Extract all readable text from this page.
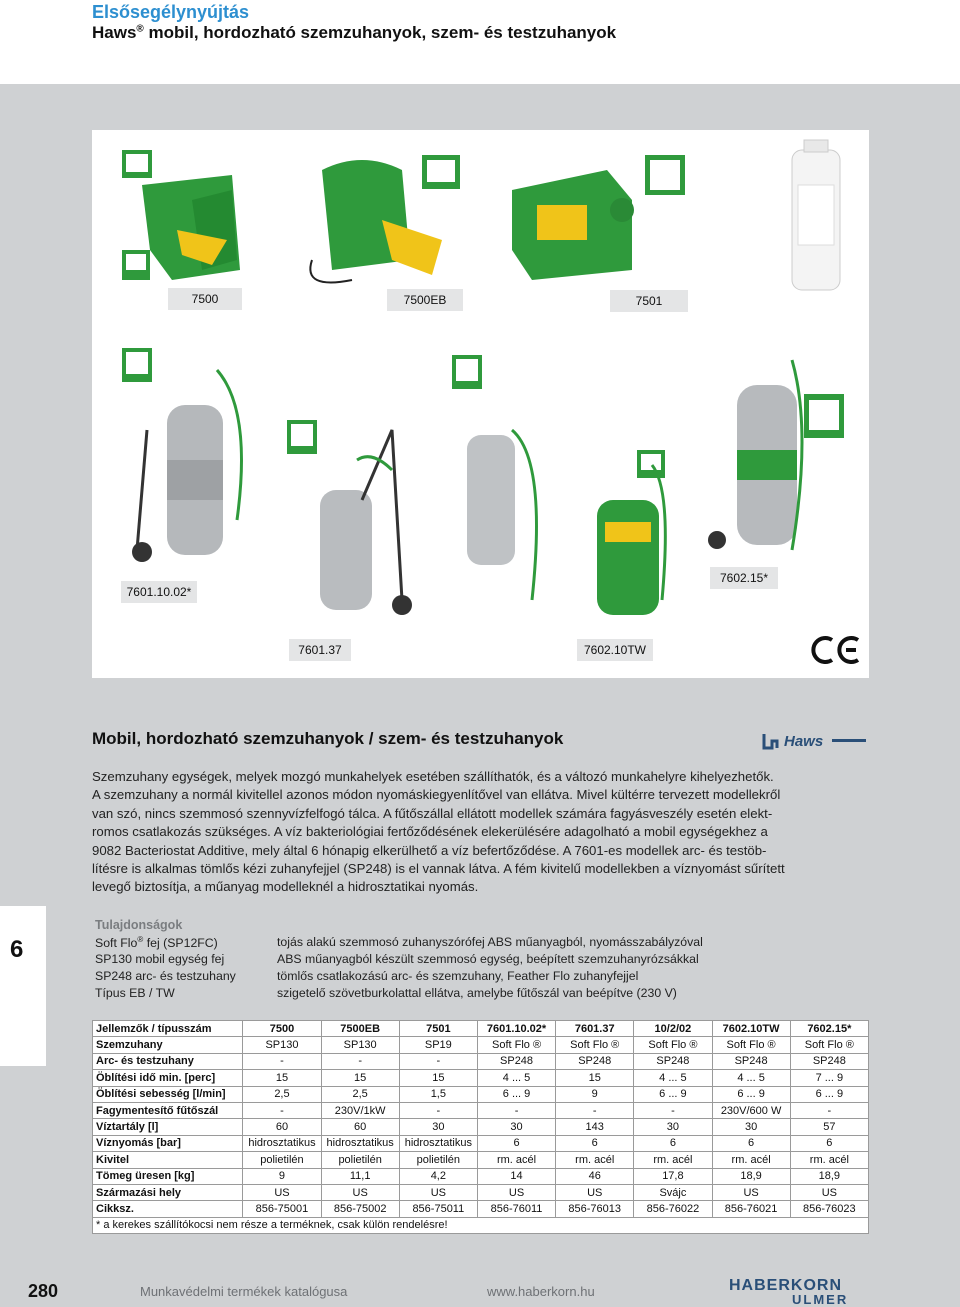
Elsősegélynyújtás
Haws® mobil, hordozható szemzuhanyok, szem- és testzuhanyok
7500	7500EB	7501
7601.10.02*
7602.15*
7601.37	7602.10TW
Mobil, hordozható szemzuhanyok / szem- és testzuhanyok	Haws

Szemzuhany egységek, melyek mozgó munkahelyek esetében szállíthatók, és a változó munkahelyre kihelyezhetők.

A szemzuhany a normál kivitellel azonos módon nyomáskiegyenlítővel van ellátva. Mivel kültérre tervezett modellekről

van szó, nincs szemmosó szennyvízfelfogó tálca. A fűtőszállal ellátott modellek számára fagyásveszély esetén elekt-

romos csatlakozás szükséges. A víz bakteriológiai fertőződésének elekerülésére adagolható a mobil egységekhez a

9082 Bacteriostat Additive, mely által 6 hónapig elkerülhető a víz befertőződése. A 7601-es modellek arc- és testöb-

lítésre is alkalmas tömlős kézi zuhanyfejjel (SP248) is el vannak látva. A fém kivitelű modellekben a víznyomást sűrített

levegő biztosítja, a műanyag modelleknél a hidrosztatikai nyomás.

6
Tulajdonságok
Soft Flo® fej (SP12FC)	tojás alakú szemmosó zuhanyszórófej ABS műanyagból, nyomásszabályzóval
SP130 mobil egység fej	ABS műanyagból készült szemmosó egység, beépített szemzuhanyrózsákkal
SP248 arc- és testzuhany	tömlős csatlakozású arc- és szemzuhany, Feather Flo zuhanyfejjel
Típus EB / TW	szigetelő szövetburkolattal ellátva, amelybe fűtőszál van beépítve (230 V)
Jellemzők / típusszám	7500	7500EB	7501	7601.10.02*	7601.37	10/2/02	7602.10TW	7602.15*
Szemzuhany	SP130	SP130	SP19	Soft Flo ®	Soft Flo ®	Soft Flo ®	Soft Flo ®	Soft Flo ®
Arc- és testzuhany	-	-	-	SP248	SP248	SP248	SP248	SP248
Öblítési idő min. [perc]	15	15	15	4 ... 5	15	4 ... 5	4 ... 5	7 ... 9
Öblítési sebesség [l/min]	2,5	2,5	1,5	6 ... 9	9	6 ... 9	6 ... 9	6 ... 9
Fagymentesítő fűtőszál	-	230V/1kW	-	-	-	-	230V/600 W	-
Víztartály [l]	60	60	30	30	143	30	30	57
Víznyomás [bar]	hidrosztatikus	hidrosztatikus	hidrosztatikus	6	6	6	6	6
Kivitel	polietilén	polietilén	polietilén	rm. acél	rm. acél	rm. acél	rm. acél	rm. acél
Tömeg üresen [kg]	9	11,1	4,2	14	46	17,8	18,9	18,9
Származási hely	US	US	US	US	US	Svájc	US	US
Cikksz.	856-75001	856-75002	856-75011	856-76011	856-76013	856-76022	856-76021	856-76023
* a kerekes szállítókocsi nem része a terméknek, csak külön rendelésre!								
280	Munkavédelmi termékek katalógusa	www.haberkorn.hu	HABERKORN
ULMER
